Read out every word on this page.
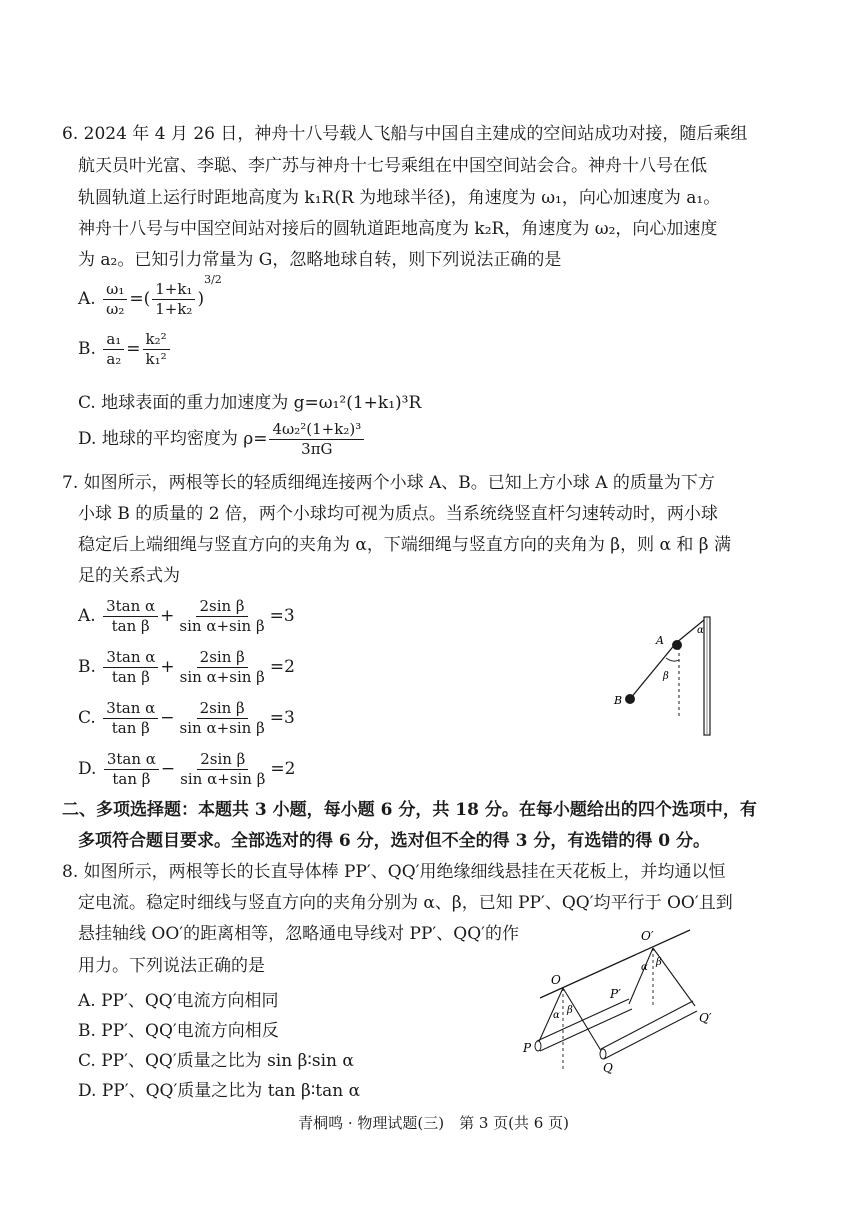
6. 2024 年 4 月 26 日，神舟十八号载人飞船与中国自主建成的空间站成功对接，随后乘组
航天员叶光富、李聪、李广苏与神舟十七号乘组在中国空间站会合。神舟十八号在低
轨圆轨道上运行时距地高度为 k₁R(R 为地球半径)，角速度为 ω₁，向心加速度为 a₁。
神舟十八号与中国空间站对接后的圆轨道距地高度为 k₂R，角速度为 ω₂，向心加速度
为 a₂。已知引力常量为 G，忽略地球自转，则下列说法正确的是
A. $\frac{\text{ω₁}}{\text{ω₂}}$ =( $\frac{\text{1+k₁}}{\text{1+k₂}} )^{3/2}$
B. $\frac{\text{a₁}}{\text{a₂}} = \frac{\text{k₂²}}{\text{k₁²}}$
C. 地球表面的重力加速度为 g=ω₁²(1+k₁)³R
D. 地球的平均密度为 $\rho= \frac{\text{4ω₂²(1+k₂)³}}{3\pi G}$
7. 如图所示，两根等长的轻质细绳连接两个小球 A、B。已知上方小球 A 的质量为下方
小球 B 的质量的 2 倍，两个小球均可视为质点。当系统绕竖直杆匀速转动时，两小球
稳定后上端细绳与竖直方向的夹角为 α，下端细绳与竖直方向的夹角为 β，则 α 和 β 满
足的关系式为
A. $\frac{\text{3tan α}}{\text{tan β}} + \frac{\text{2sin β}}{\text{sin α+sin β}} =3$
B. $\frac{\text{3tan α}}{\text{tan β}} + \frac{\text{2sin β}}{\text{sin α+sin β}} =2$
C. $\frac{\text{3tan α}}{\text{tan β}} - \frac{\text{2sin β}}{\text{sin α+sin β}} =3$
D. $\frac{\text{3tan α}}{\text{tan β}} - \frac{\text{2sin β}}{\text{sin α+sin β}} =2$
A
B
α
β
二、多项选择题：本题共 3 小题，每小题 6 分，共 18 分。在每小题给出的四个选项中，有
多项符合题目要求。全部选对的得 6 分，选对但不全的得 3 分，有选错的得 0 分。
8. 如图所示，两根等长的长直导体棒 PP′、QQ′用绝缘细线悬挂在天花板上，并均通以恒
定电流。稳定时细线与竖直方向的夹角分别为 α、β，已知 PP′、QQ′均平行于 OO′且到
悬挂轴线 OO′的距离相等，忽略通电导线对 PP′、QQ′的作
用力。下列说法正确的是
A. PP′、QQ′电流方向相同
B. PP′、QQ′电流方向相反
C. PP′、QQ′质量之比为 sin β∶sin α
D. PP′、QQ′质量之比为 tan β∶tan α
O
O′
P
P′
Q
Q′
α β
α β
青桐鸣 · 物理试题(三)　第 3 页(共 6 页)
